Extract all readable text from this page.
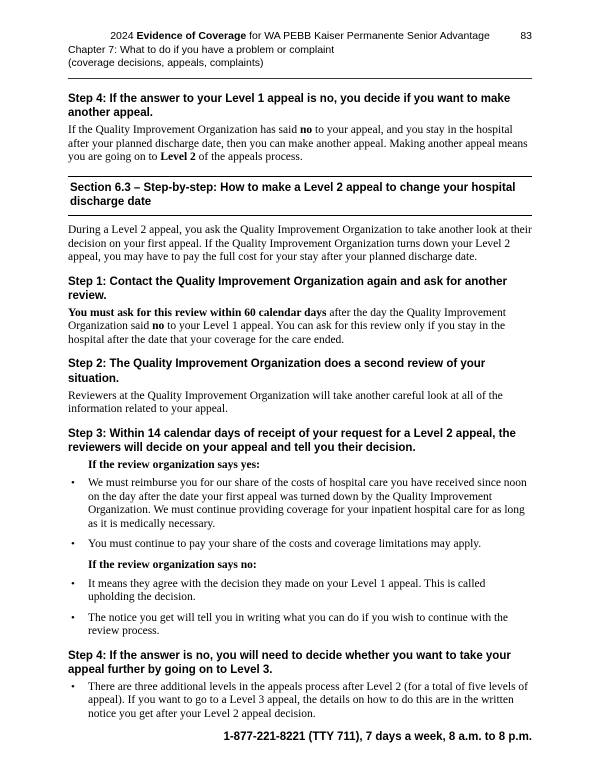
2024 Evidence of Coverage for WA PEBB Kaiser Permanente Senior Advantage	83
Chapter 7: What to do if you have a problem or complaint
(coverage decisions, appeals, complaints)
Step 4: If the answer to your Level 1 appeal is no, you decide if you want to make another appeal.
If the Quality Improvement Organization has said no to your appeal, and you stay in the hospital after your planned discharge date, then you can make another appeal. Making another appeal means you are going on to Level 2 of the appeals process.
Section 6.3 – Step-by-step: How to make a Level 2 appeal to change your hospital discharge date
During a Level 2 appeal, you ask the Quality Improvement Organization to take another look at their decision on your first appeal. If the Quality Improvement Organization turns down your Level 2 appeal, you may have to pay the full cost for your stay after your planned discharge date.
Step 1: Contact the Quality Improvement Organization again and ask for another review.
You must ask for this review within 60 calendar days after the day the Quality Improvement Organization said no to your Level 1 appeal. You can ask for this review only if you stay in the hospital after the date that your coverage for the care ended.
Step 2: The Quality Improvement Organization does a second review of your situation.
Reviewers at the Quality Improvement Organization will take another careful look at all of the information related to your appeal.
Step 3: Within 14 calendar days of receipt of your request for a Level 2 appeal, the reviewers will decide on your appeal and tell you their decision.
If the review organization says yes:
•	We must reimburse you for our share of the costs of hospital care you have received since noon on the day after the date your first appeal was turned down by the Quality Improvement Organization. We must continue providing coverage for your inpatient hospital care for as long as it is medically necessary.
•	You must continue to pay your share of the costs and coverage limitations may apply.
If the review organization says no:
•	It means they agree with the decision they made on your Level 1 appeal. This is called upholding the decision.
•	The notice you get will tell you in writing what you can do if you wish to continue with the review process.
Step 4: If the answer is no, you will need to decide whether you want to take your appeal further by going on to Level 3.
•	There are three additional levels in the appeals process after Level 2 (for a total of five levels of appeal). If you want to go to a Level 3 appeal, the details on how to do this are in the written notice you get after your Level 2 appeal decision.
1-877-221-8221 (TTY 711), 7 days a week, 8 a.m. to 8 p.m.
